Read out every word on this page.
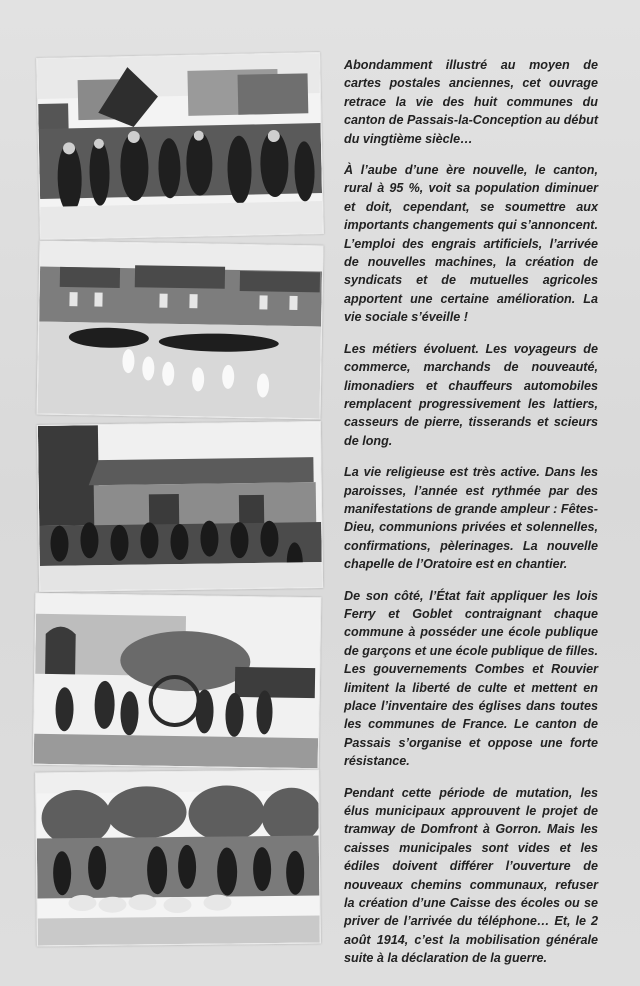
Abondamment illustré au moyen de cartes postales anciennes, cet ouvrage retrace la vie des huit communes du canton de Passais-la-Conception au début du vingtième siècle…

À l’aube d’une ère nouvelle, le canton, rural à 95 %, voit sa population diminuer et doit, cependant, se soumettre aux importants changements qui s’annoncent. L’emploi des engrais artificiels, l’arrivée de nouvelles machines, la création de syndicats et de mutuelles agricoles apportent une certaine amélioration. La vie sociale s’éveille !

Les métiers évoluent. Les voyageurs de commerce, marchands de nouveauté, limonadiers et chauffeurs automobiles remplacent progressivement les lattiers, casseurs de pierre, tisserands et scieurs de long.

La vie religieuse est très active. Dans les paroisses, l’année est rythmée par des manifestations de grande ampleur : Fêtes-Dieu, communions privées et solennelles, confirmations, pèlerinages. La nouvelle chapelle de l’Oratoire est en chantier.

De son côté, l’État fait appliquer les lois Ferry et Goblet contraignant chaque commune à posséder une école publique de garçons et une école publique de filles. Les gouvernements Combes et Rouvier limitent la liberté de culte et mettent en place l’inventaire des églises dans toutes les communes de France. Le canton de Passais s’organise et oppose une forte résistance.

Pendant cette période de mutation, les élus municipaux approuvent le projet de tramway de Domfront à Gorron. Mais les caisses municipales sont vides et les édiles doivent différer l’ouverture de nouveaux chemins communaux, refuser la création d’une Caisse des écoles ou se priver de l’arrivée du téléphone… Et, le 2 août 1914, c’est la mobilisation générale suite à la déclaration de la guerre.
